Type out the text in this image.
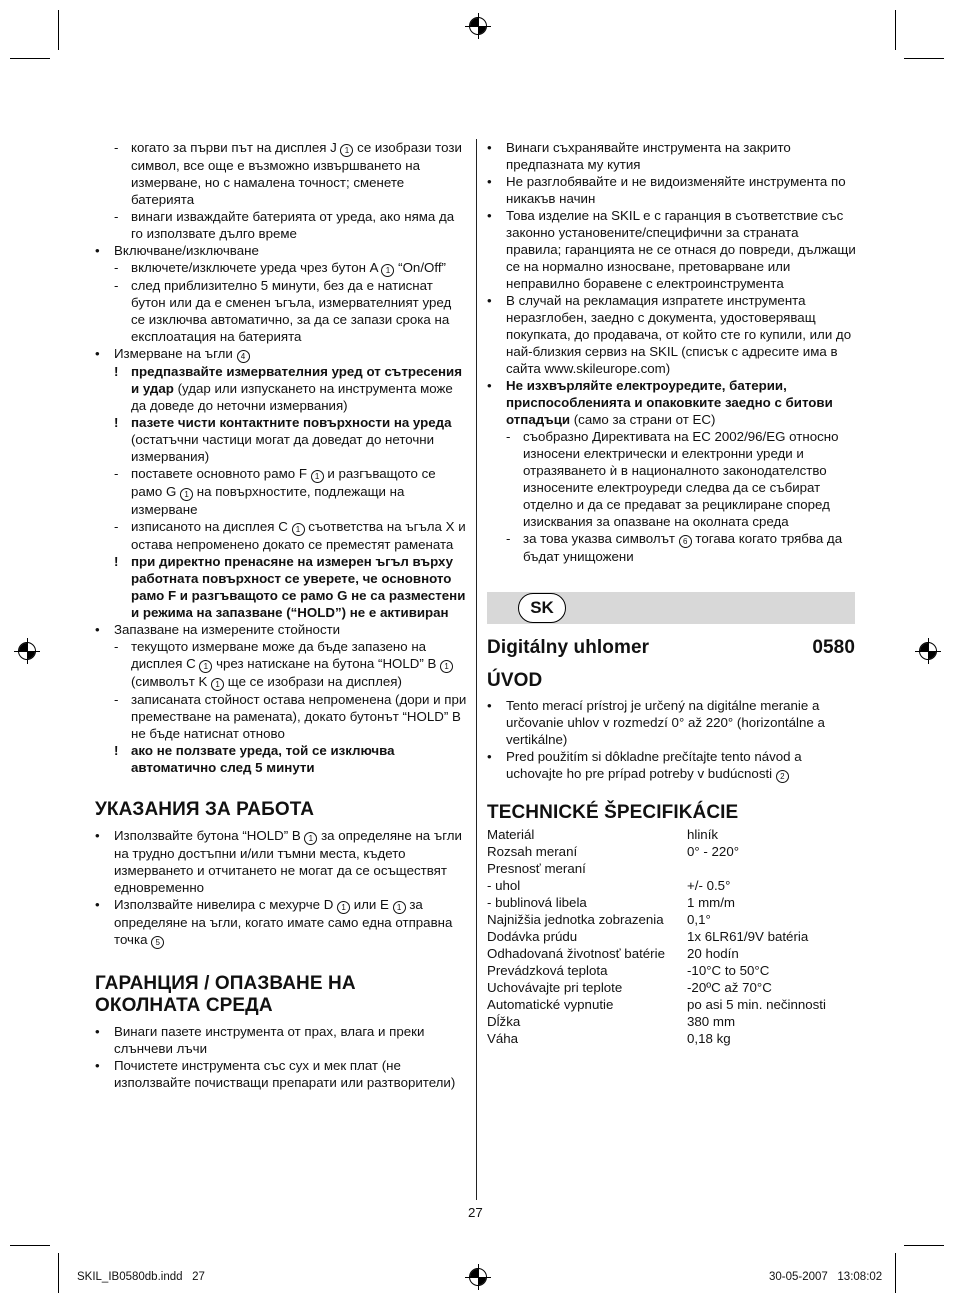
- когато за първи път на дисплея J 1 се изобрази този символ, все още е възможно извършването на измерване, но с намалена точност; сменете батерията
- винаги изваждайте батерията от уреда, ако няма да го използвате дълго време
• Включване/изключване
- включете/изключете уреда чрез бутон A 1 “On/Off”
- след приблизително 5 минути, без да е натиснат бутон или да е сменен ъгъла, измервателният уред се изключва автоматично, за да се запази срока на експлоатация на батерията
• Измерване на ъгли 4
! предпазвайте измервателния уред от сътресения и удар (удар или изпускането на инструмента може да доведе до неточни измервания)
! пазете чисти контактните повърхности на уреда (остатъчни частици могат да доведат до неточни измервания)
- поставете основното рамо F 1 и разгъващото се рамо G 1 на повърхностите, подлежащи на измерване
- изписаното на дисплея C 1 съответства на ъгъла X и остава непроменено докато се преместят рамената
! при директно пренасяне на измерен ъгъл върху работната повърхност се уверете, че основното рамо F и разгъващото се рамо G не са разместени и режима на запазване (“HOLD”) не е активиран
• Запазване на измерените стойности
- текущото измерване може да бъде запазено на дисплея C 1 чрез натискане на бутона “HOLD” B 1 (символът K 1 ще се изобрази на дисплея)
- записаната стойност остава непроменена (дори и при преместване на рамената), докато бутонът “HOLD” B не бъде натиснат отново
! ако не ползвате уреда, той се изключва автоматично след 5 минути
УКАЗАНИЯ ЗА РАБОТА
• Използвайте бутона “HOLD” B 1 за определяне на ъгли на трудно достъпни и/или тъмни места, където измерването и отчитането не могат да се осъществят едновременно
• Използвайте нивелира с мехурче D 1 или E 1 за определяне на ъгли, когато имате само една отправна точка 5
ГАРАНЦИЯ / ОПАЗВАНЕ НА
ОКОЛНАТА СРЕДА
• Винаги пазете инструмента от прах, влага и преки слънчеви лъчи
• Почистете инструмента със сух и мек плат (не използвайте почистващи препарати или разтворители)
• Винаги съхранявайте инструмента на закрито предпазната му кутия
• Не разглобявайте и не видоизменяйте инструмента по никакъв начин
• Това изделие на SKIL е с гаранция в съответствие със законно установените/специфични за страната правила; гаранцията не се отнася до повреди, дължащи се на нормално износване, претоварване или неправилно боравене с електроинструмента
• В случай на рекламация изпратете инструмента неразглобен, заедно с документа, удостоверяващ покупката, до продавача, от който сте го купили, или до най-близкия сервиз на SKIL (списък с адресите има в сайта www.skileurope.com)
• Не изхвърляйте електроуредите, батерии, приспособленията и опаковките заедно с битови отпадъци (само за страни от ЕС)
- съобразно Директивата на ЕС 2002/96/EG относно износени електрически и електронни уреди и отразяването ѝ в националното законодателство износените електроуреди следва да се събират отделно и да се предават за рециклиране според изисквания за опазване на околната среда
- за това указва символът 6 тогава когато трябва да бъдат унищожени
SK
Digitálny uhlomer	0580
ÚVOD
• Tento merací prístroj je určený na digitálne meranie a určovanie uhlov v rozmedzí 0° až 220° (horizontálne a vertikálne)
• Pred použitím si dôkladne prečítajte tento návod a uchovajte ho pre prípad potreby v budúcnosti 2
TECHNICKÉ ŠPECIFIKÁCIE
Materiál	hliník
Rozsah meraní	0° - 220°
Presnosť meraní
- uhol	+/- 0.5°
- bublinová libela	1 mm/m
Najnižšia jednotka zobrazenia	0,1°
Dodávka prúdu	1x 6LR61/9V batéria
Odhadovaná životnosť batérie	20 hodín
Prevádzková teplota	-10°C to 50°C
Uchovávajte pri teplote	-20ºC až 70°C
Automatické vypnutie	po asi 5 min. nečinnosti
Dĺžka	380 mm
Váha	0,18 kg
27
SKIL_IB0580db.indd   27	30-05-2007   13:08:02
